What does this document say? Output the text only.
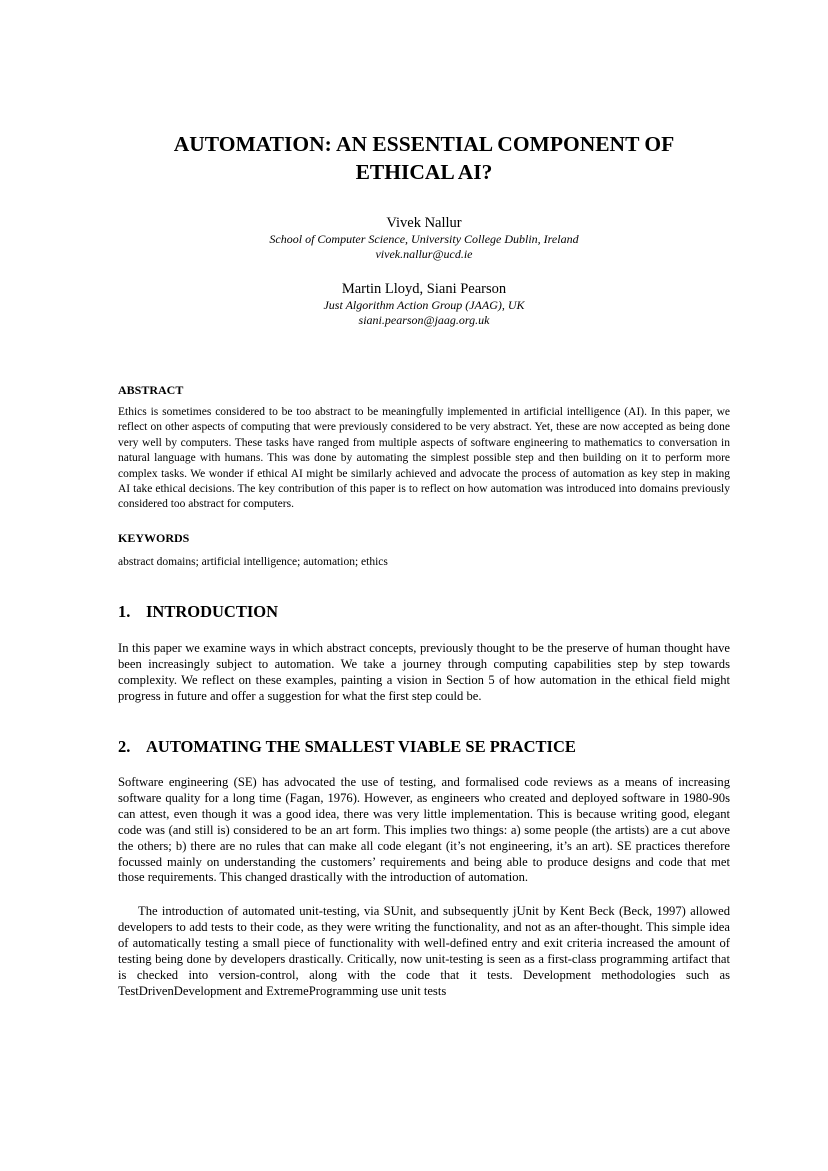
AUTOMATION: AN ESSENTIAL COMPONENT OF
ETHICAL AI?
Vivek Nallur
School of Computer Science, University College Dublin, Ireland
vivek.nallur@ucd.ie
Martin Lloyd, Siani Pearson
Just Algorithm Action Group (JAAG), UK
siani.pearson@jaag.org.uk
ABSTRACT

Ethics is sometimes considered to be too abstract to be meaningfully implemented in artificial intelligence (AI). In this paper, we reflect on other aspects of computing that were previously considered to be very abstract. Yet, these are now accepted as being done very well by computers. These tasks have ranged from multiple aspects of software engineering to mathematics to conversation in natural language with humans. This was done by automating the simplest possible step and then building on it to perform more complex tasks. We wonder if ethical AI might be similarly achieved and advocate the process of automation as key step in making AI take ethical decisions. The key contribution of this paper is to reflect on how automation was introduced into domains previously considered too abstract for computers.

KEYWORDS

abstract domains; artificial intelligence; automation; ethics

1. INTRODUCTION

In this paper we examine ways in which abstract concepts, previously thought to be the preserve of human thought have been increasingly subject to automation. We take a journey through computing capabilities step by step towards complexity. We reflect on these examples, painting a vision in Section 5 of how automation in the ethical field might progress in future and offer a suggestion for what the first step could be.

2. AUTOMATING THE SMALLEST VIABLE SE PRACTICE

Software engineering (SE) has advocated the use of testing, and formalised code reviews as a means of increasing software quality for a long time (Fagan, 1976). However, as engineers who created and deployed software in 1980-90s can attest, even though it was a good idea, there was very little implementation. This is because writing good, elegant code was (and still is) considered to be an art form. This implies two things: a) some people (the artists) are a cut above the others; b) there are no rules that can make all code elegant (it’s not engineering, it’s an art). SE practices therefore focussed mainly on understanding the customers’ requirements and being able to produce designs and code that met those requirements. This changed drastically with the introduction of automation.

The introduction of automated unit-testing, via SUnit, and subsequently jUnit by Kent Beck (Beck, 1997) allowed developers to add tests to their code, as they were writing the functionality, and not as an after-thought. This simple idea of automatically testing a small piece of functionality with well-defined entry and exit criteria increased the amount of testing being done by developers drastically. Critically, now unit-testing is seen as a first-class programming artifact that is checked into version-control, along with the code that it tests. Development methodologies such as TestDrivenDevelopment and ExtremeProgramming use unit tests
